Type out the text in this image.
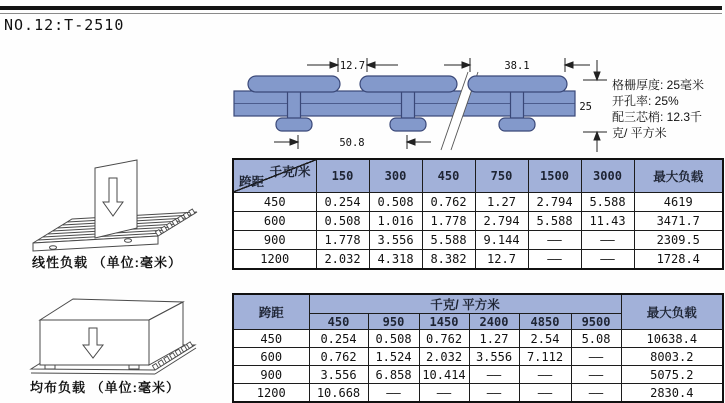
NO.12:T-2510
12.7	38.1
50.8
25
格栅厚度: 25毫米
开孔率: 25%
配三芯梢: 12.3千
克/ 平方米
千克/米
跨距	150	300	450	750	1500	3000	最大负载
450	0.254	0.508	0.762	1.27	2.794	5.588	4619
600	0.508	1.016	1.778	2.794	5.588	11.43	3471.7
900	1.778	3.556	5.588	9.144	——	——	2309.5
1200	2.032	4.318	8.382	12.7	——	——	1728.4
跨距	千克/ 平方米						最大负载
	450	950	1450	2400	4850	9500	
450	0.254	0.508	0.762	1.27	2.54	5.08	10638.4
600	0.762	1.524	2.032	3.556	7.112	——	8003.2
900	3.556	6.858	10.414	——	——	——	5075.2
1200	10.668	——	——	——	——	——	2830.4
线性负载 （单位:毫米）
均布负载 （单位:毫米）
